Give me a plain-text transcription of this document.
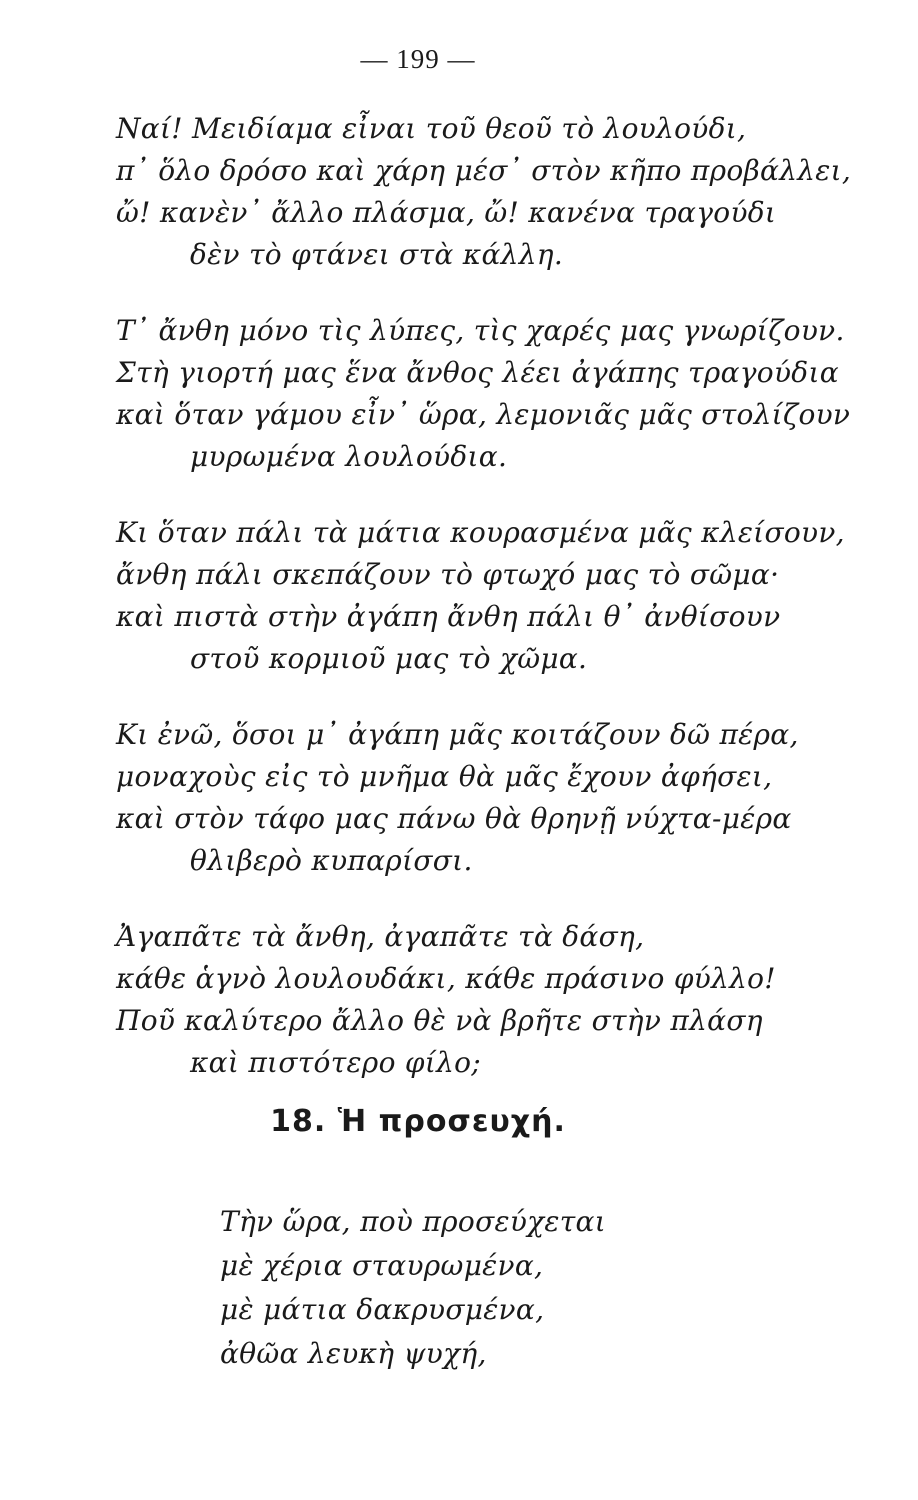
— 199 —
Ναί! Μειδίαμα εἶναι τοῦ θεοῦ τὸ λουλούδι,
π᾿ ὅλο δρόσο καὶ χάρη μέσ᾿ στὸν κῆπο προβάλλει,
ὤ! κανὲν᾿ ἄλλο πλάσμα, ὤ! κανένα τραγούδι
δὲν τὸ φτάνει στὰ κάλλη.
Τ᾿ ἄνθη μόνο τὶς λύπες, τὶς χαρές μας γνωρίζουν.
Στὴ γιορτή μας ἕνα ἄνθος λέει ἀγάπης τραγούδια
καὶ ὅταν γάμου εἶν᾿ ὥρα, λεμονιᾶς μᾶς στολίζουν
μυρωμένα λουλούδια.
Κι ὅταν πάλι τὰ μάτια κουρασμένα μᾶς κλείσουν,
ἄνθη πάλι σκεπάζουν τὸ φτωχό μας τὸ σῶμα·
καὶ πιστὰ στὴν ἀγάπη ἄνθη πάλι θ᾿ ἀνθίσουν
στοῦ κορμιοῦ μας τὸ χῶμα.
Κι ἐνῶ, ὅσοι μ᾿ ἀγάπη μᾶς κοιτάζουν δῶ πέρα,
μοναχοὺς εἰς τὸ μνῆμα θὰ μᾶς ἔχουν ἀφήσει,
καὶ στὸν τάφο μας πάνω θὰ θρηνῇ νύχτα-μέρα
θλιβερὸ κυπαρίσσι.
Ἀγαπᾶτε τὰ ἄνθη, ἀγαπᾶτε τὰ δάση,
κάθε ἁγνὸ λουλουδάκι, κάθε πράσινο φύλλο!
Ποῦ καλύτερο ἄλλο θὲ νὰ βρῆτε στὴν πλάση
καὶ πιστότερο φίλο;
18. Ἡ προσευχή.
Τὴν ὥρα, ποὺ προσεύχεται
μὲ χέρια σταυρωμένα,
μὲ μάτια δακρυσμένα,
ἀθῶα λευκὴ ψυχή,
